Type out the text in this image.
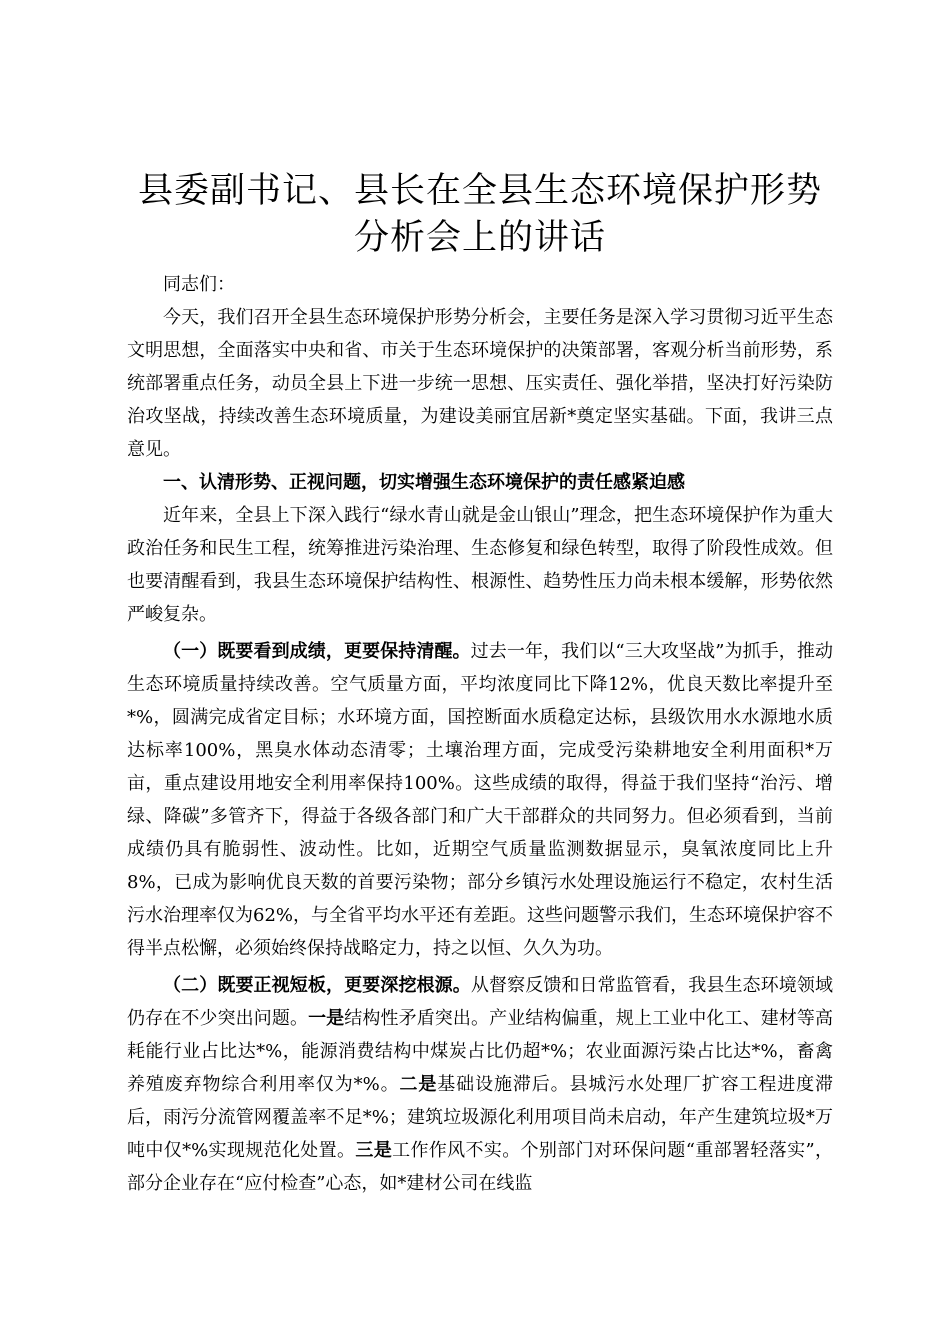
县委副书记、县长在全县生态环境保护形势分析会上的讲话

同志们：

今天，我们召开全县生态环境保护形势分析会，主要任务是深入学习贯彻习近平生态文明思想，全面落实中央和省、市关于生态环境保护的决策部署，客观分析当前形势，系统部署重点任务，动员全县上下进一步统一思想、压实责任、强化举措，坚决打好污染防治攻坚战，持续改善生态环境质量，为建设美丽宜居新*奠定坚实基础。下面，我讲三点意见。

一、认清形势、正视问题，切实增强生态环境保护的责任感紧迫感

近年来，全县上下深入践行“绿水青山就是金山银山”理念，把生态环境保护作为重大政治任务和民生工程，统筹推进污染治理、生态修复和绿色转型，取得了阶段性成效。但也要清醒看到，我县生态环境保护结构性、根源性、趋势性压力尚未根本缓解，形势依然严峻复杂。

（一）既要看到成绩，更要保持清醒。过去一年，我们以“三大攻坚战”为抓手，推动生态环境质量持续改善。空气质量方面，平均浓度同比下降12%，优良天数比率提升至*%，圆满完成省定目标；水环境方面，国控断面水质稳定达标，县级饮用水水源地水质达标率100%，黑臭水体动态清零；土壤治理方面，完成受污染耕地安全利用面积*万亩，重点建设用地安全利用率保持100%。这些成绩的取得，得益于我们坚持“治污、增绿、降碳”多管齐下，得益于各级各部门和广大干部群众的共同努力。但必须看到，当前成绩仍具有脆弱性、波动性。比如，近期空气质量监测数据显示，臭氧浓度同比上升8%，已成为影响优良天数的首要污染物；部分乡镇污水处理设施运行不稳定，农村生活污水治理率仅为62%，与全省平均水平还有差距。这些问题警示我们，生态环境保护容不得半点松懈，必须始终保持战略定力，持之以恒、久久为功。

（二）既要正视短板，更要深挖根源。从督察反馈和日常监管看，我县生态环境领域仍存在不少突出问题。一是结构性矛盾突出。产业结构偏重，规上工业中化工、建材等高耗能行业占比达*%，能源消费结构中煤炭占比仍超*%；农业面源污染占比达*%，畜禽养殖废弃物综合利用率仅为*%。二是基础设施滞后。县城污水处理厂扩容工程进度滞后，雨污分流管网覆盖率不足*%；建筑垃圾源化利用项目尚未启动，年产生建筑垃圾*万吨中仅*%实现规范化处置。三是工作作风不实。个别部门对环保问题“重部署轻落实”，部分企业存在“应付检查”心态，如*建材公司在线监
